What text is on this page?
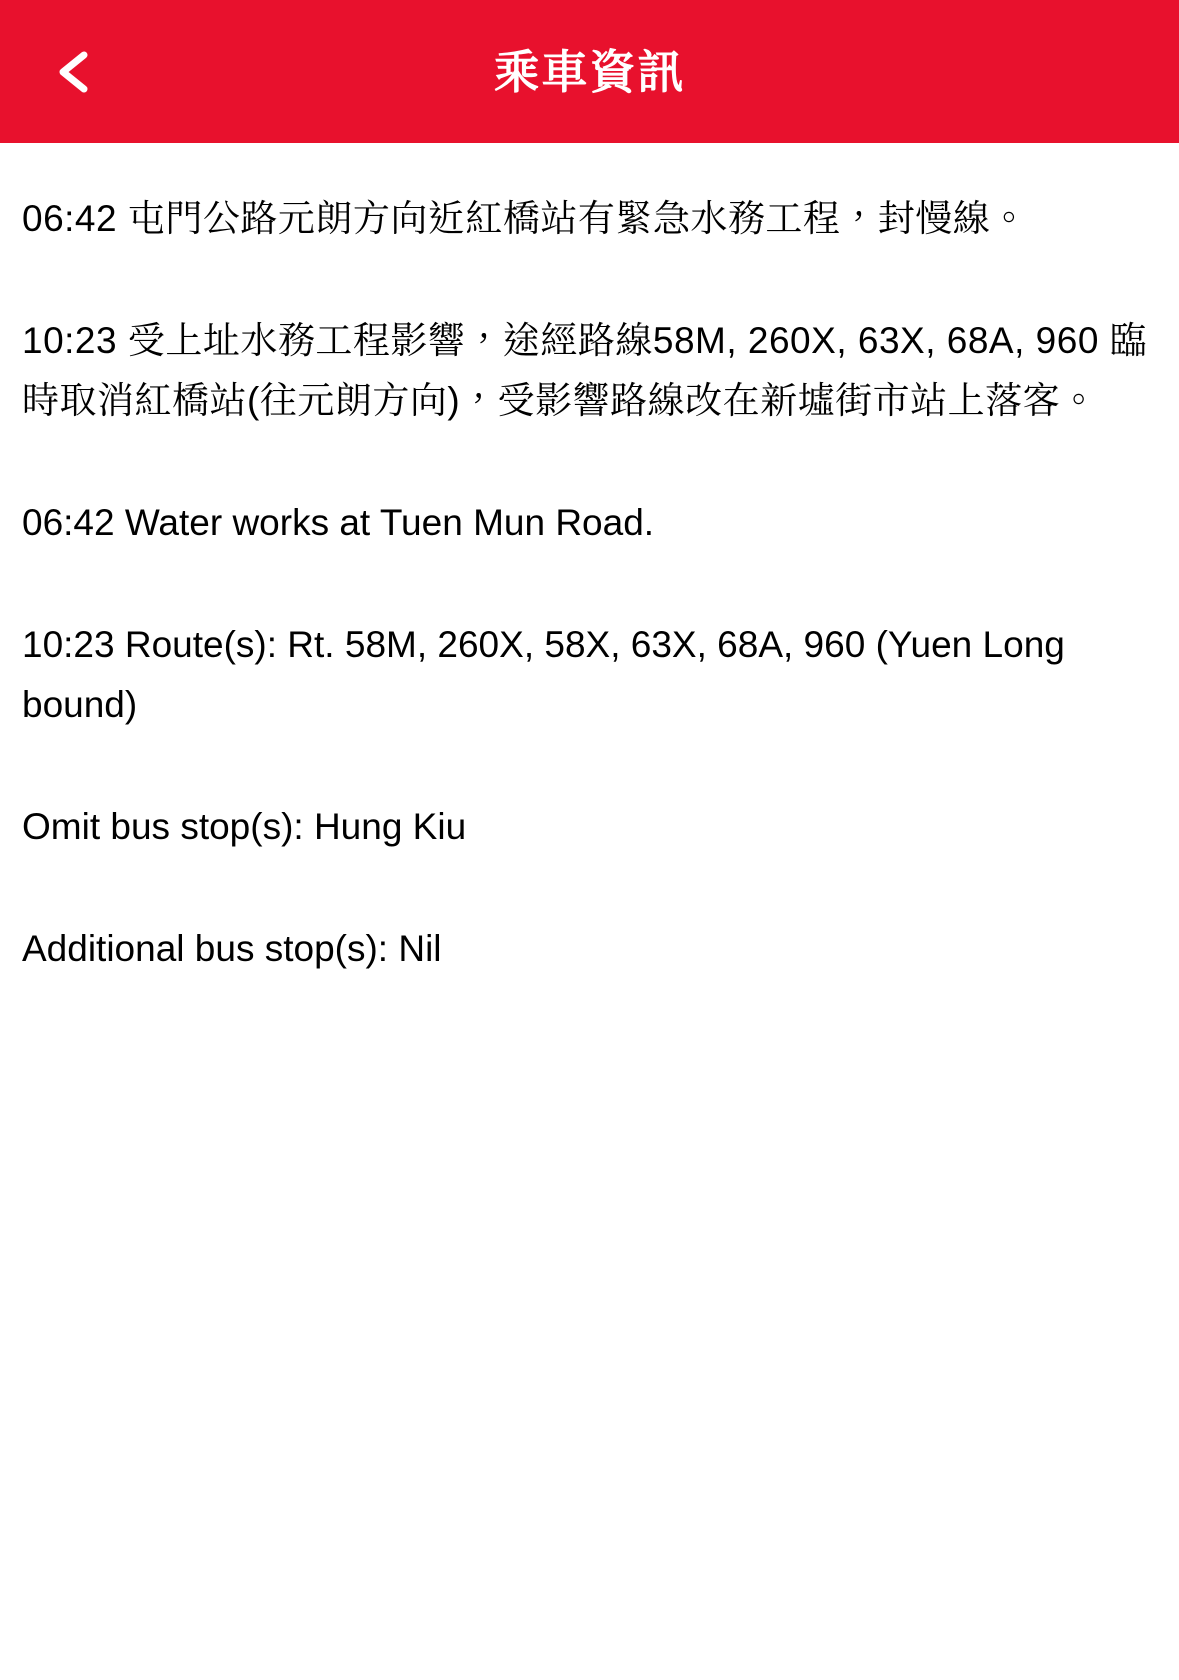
乘車資訊
06:42 屯門公路元朗方向近紅橋站有緊急水務工程，封慢線。
10:23 受上址水務工程影響，途經路線58M, 260X, 63X, 68A, 960 臨時取消紅橋站(往元朗方向)，受影響路線改在新墟街市站上落客。
06:42 Water works at Tuen Mun Road.
10:23 Route(s): Rt. 58M, 260X, 58X, 63X, 68A, 960 (Yuen Long bound)
Omit bus stop(s): Hung Kiu
Additional bus stop(s): Nil
